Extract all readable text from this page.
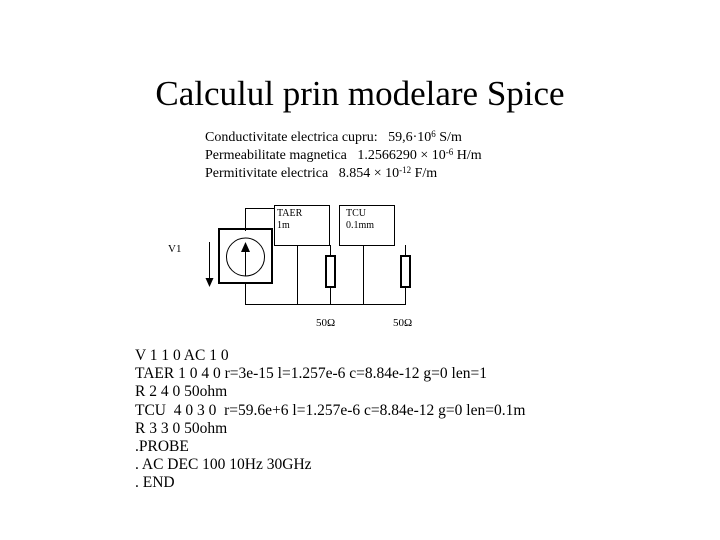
Calculul prin modelare Spice
Conductivitate electrica cupru: $59,6\cdot 10^6$ S/m
Permeabilitate magnetica $1.2566290 \times 10^{-6}$ H/m
Permitivitate electrica $8.854 \times 10^{-12}$ F/m
V1
TAER
1m
TCU
0.1mm
50Ω	50Ω
V 1 1 0 AC 1 0
TAER 1 0 4 0 r=3e-15 l=1.257e-6 c=8.84e-12 g=0 len=1
R 2 4 0 50ohm
TCU  4 0 3 0  r=59.6e+6 l=1.257e-6 c=8.84e-12 g=0 len=0.1m
R 3 3 0 50ohm
.PROBE
. AC DEC 100 10Hz 30GHz
. END
